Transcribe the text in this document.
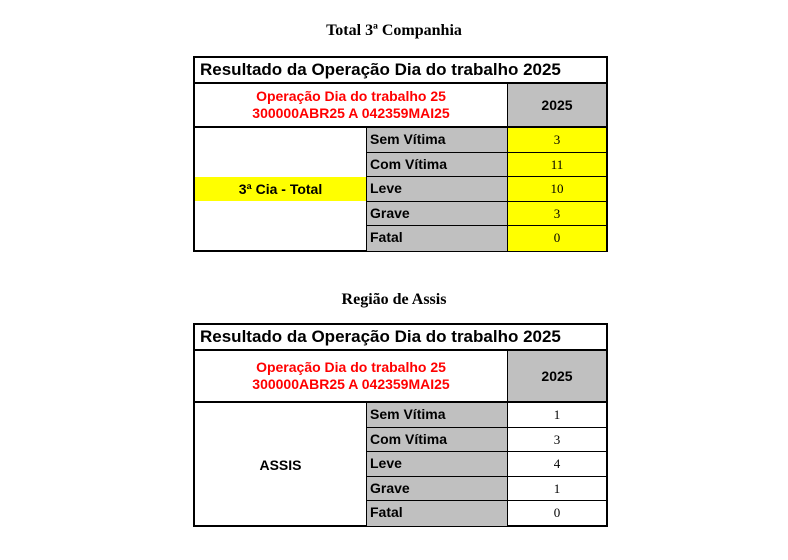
Total 3ª Companhia
Resultado da Operação Dia do trabalho 2025
Operação Dia do trabalho 25
300000ABR25 A 042359MAI25	2025
3ª Cia - Total
Sem Vítima
Com Vítima
Leve
Grave
Fatal
3
11
10
3
0
Região de Assis
Resultado da Operação Dia do trabalho 2025
Operação Dia do trabalho 25
300000ABR25 A 042359MAI25	2025
ASSIS
Sem Vítima
Com Vítima
Leve
Grave
Fatal
1
3
4
1
0
